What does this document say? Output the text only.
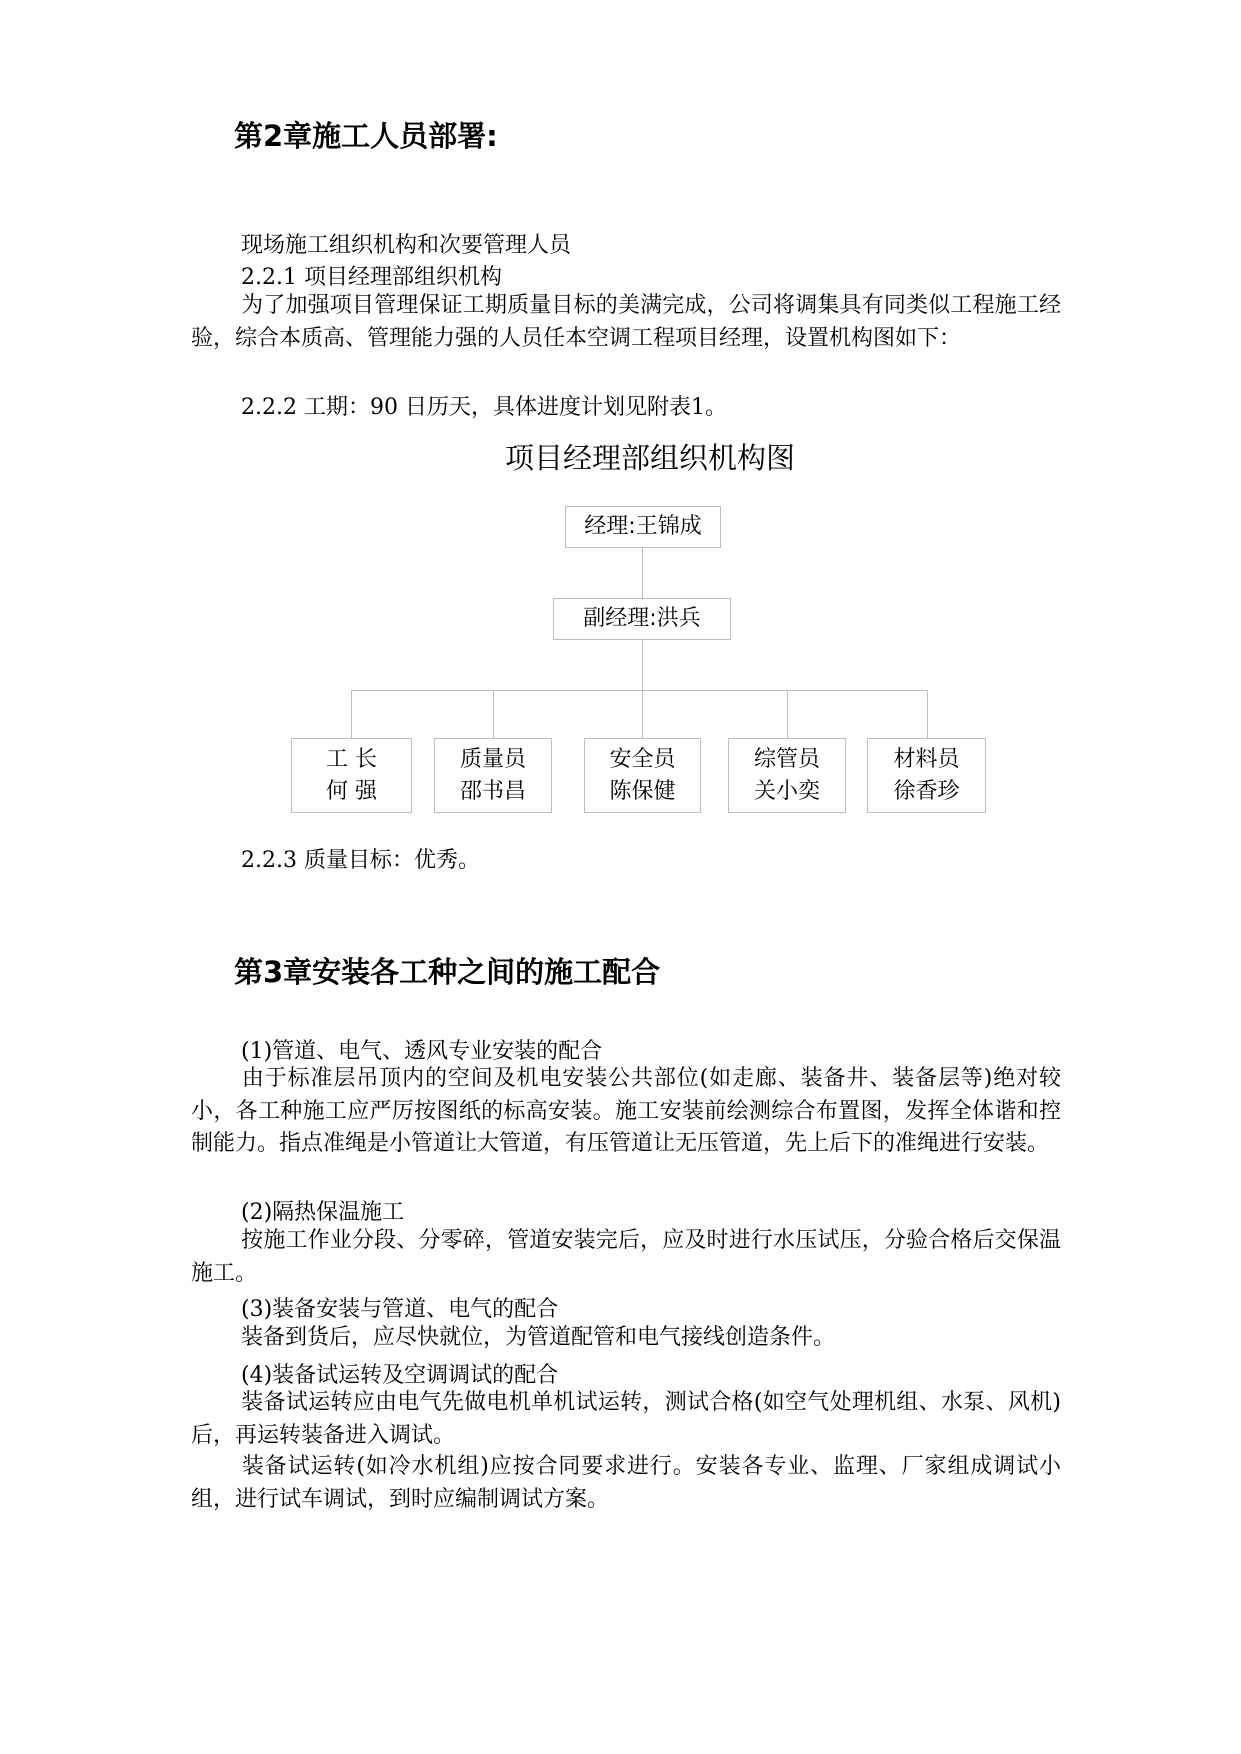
第2章施工人员部署:
现场施工组织机构和次要管理人员
2.2.1 项目经理部组织机构

为了加强项目管理保证工期质量目标的美满完成，公司将调集具有同类似工程施工经验，综合本质高、管理能力强的人员任本空调工程项目经理，设置机构图如下：

2.2.2 工期：90 日历天，具体进度计划见附表1。
项目经理部组织机构图
经理:王锦成
副经理:洪兵
工 长
何 强
质量员
邵书昌
安全员
陈保健
综管员
关小奕
材料员
徐香珍
2.2.3 质量目标：优秀。
第3章安装各工种之间的施工配合
(1)管道、电气、透风专业安装的配合

由于标准层吊顶内的空间及机电安装公共部位(如走廊、装备井、装备层等)绝对较小，各工种施工应严厉按图纸的标高安装。施工安装前绘测综合布置图，发挥全体谐和控制能力。指点准绳是小管道让大管道，有压管道让无压管道，先上后下的准绳进行安装。

(2)隔热保温施工

按施工作业分段、分零碎，管道安装完后，应及时进行水压试压，分验合格后交保温施工。

(3)装备安装与管道、电气的配合

装备到货后，应尽快就位，为管道配管和电气接线创造条件。

(4)装备试运转及空调调试的配合

装备试运转应由电气先做电机单机试运转，测试合格(如空气处理机组、水泵、风机)后，再运转装备进入调试。

装备试运转(如冷水机组)应按合同要求进行。安装各专业、监理、厂家组成调试小组，进行试车调试，到时应编制调试方案。
